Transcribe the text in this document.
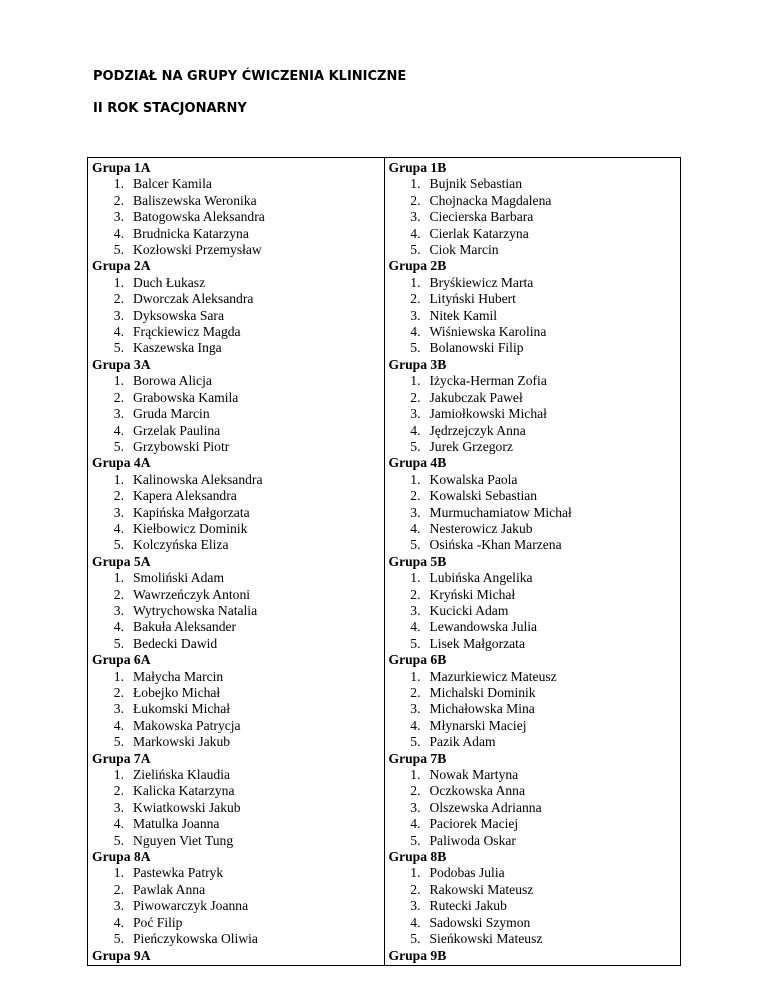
PODZIAŁ NA GRUPY ĆWICZENIA KLINICZNE
II ROK STACJONARNY
Grupa 1A
1. Balcer Kamila
2. Baliszewska Weronika
3. Batogowska Aleksandra
4. Brudnicka Katarzyna
5. Kozłowski Przemysław
Grupa 2A
1. Duch Łukasz
2. Dworczak Aleksandra
3. Dyksowska Sara
4. Frąckiewicz Magda
5. Kaszewska Inga
Grupa 3A
1. Borowa Alicja
2. Grabowska Kamila
3. Gruda Marcin
4. Grzelak Paulina
5. Grzybowski Piotr
Grupa 4A
1. Kalinowska Aleksandra
2. Kapera Aleksandra
3. Kapińska Małgorzata
4. Kiełbowicz Dominik
5. Kolczyńska Eliza
Grupa 5A
1. Smoliński Adam
2. Wawrzeńczyk Antoni
3. Wytrychowska Natalia
4. Bakuła Aleksander
5. Bedecki Dawid
Grupa 6A
1. Małycha Marcin
2. Łobejko Michał
3. Łukomski Michał
4. Makowska Patrycja
5. Markowski Jakub
Grupa 7A
1. Zielińska Klaudia
2. Kalicka Katarzyna
3. Kwiatkowski Jakub
4. Matulka Joanna
5. Nguyen Viet Tung
Grupa 8A
1. Pastewka Patryk
2. Pawlak Anna
3. Piwowarczyk Joanna
4. Poć Filip
5. Pieńczykowska Oliwia
Grupa 9A

Grupa 1B
1. Bujnik Sebastian
2. Chojnacka Magdalena
3. Ciecierska Barbara
4. Cierlak Katarzyna
5. Ciok Marcin
Grupa 2B
1. Bryśkiewicz Marta
2. Lityński Hubert
3. Nitek Kamil
4. Wiśniewska Karolina
5. Bolanowski Filip
Grupa 3B
1. Iżycka-Herman Zofia
2. Jakubczak Paweł
3. Jamiołkowski Michał
4. Jędrzejczyk Anna
5. Jurek Grzegorz
Grupa 4B
1. Kowalska Paola
2. Kowalski Sebastian
3. Murmuchamiatow Michał
4. Nesterowicz Jakub
5. Osińska -Khan Marzena
Grupa 5B
1. Lubińska Angelika
2. Kryński Michał
3. Kucicki Adam
4. Lewandowska Julia
5. Lisek Małgorzata
Grupa 6B
1. Mazurkiewicz Mateusz
2. Michalski Dominik
3. Michałowska Mina
4. Młynarski Maciej
5. Pazik Adam
Grupa 7B
1. Nowak Martyna
2. Oczkowska Anna
3. Olszewska Adrianna
4. Paciorek Maciej
5. Paliwoda Oskar
Grupa 8B
1. Podobas Julia
2. Rakowski Mateusz
3. Rutecki Jakub
4. Sadowski Szymon
5. Sieńkowski Mateusz
Grupa 9B
